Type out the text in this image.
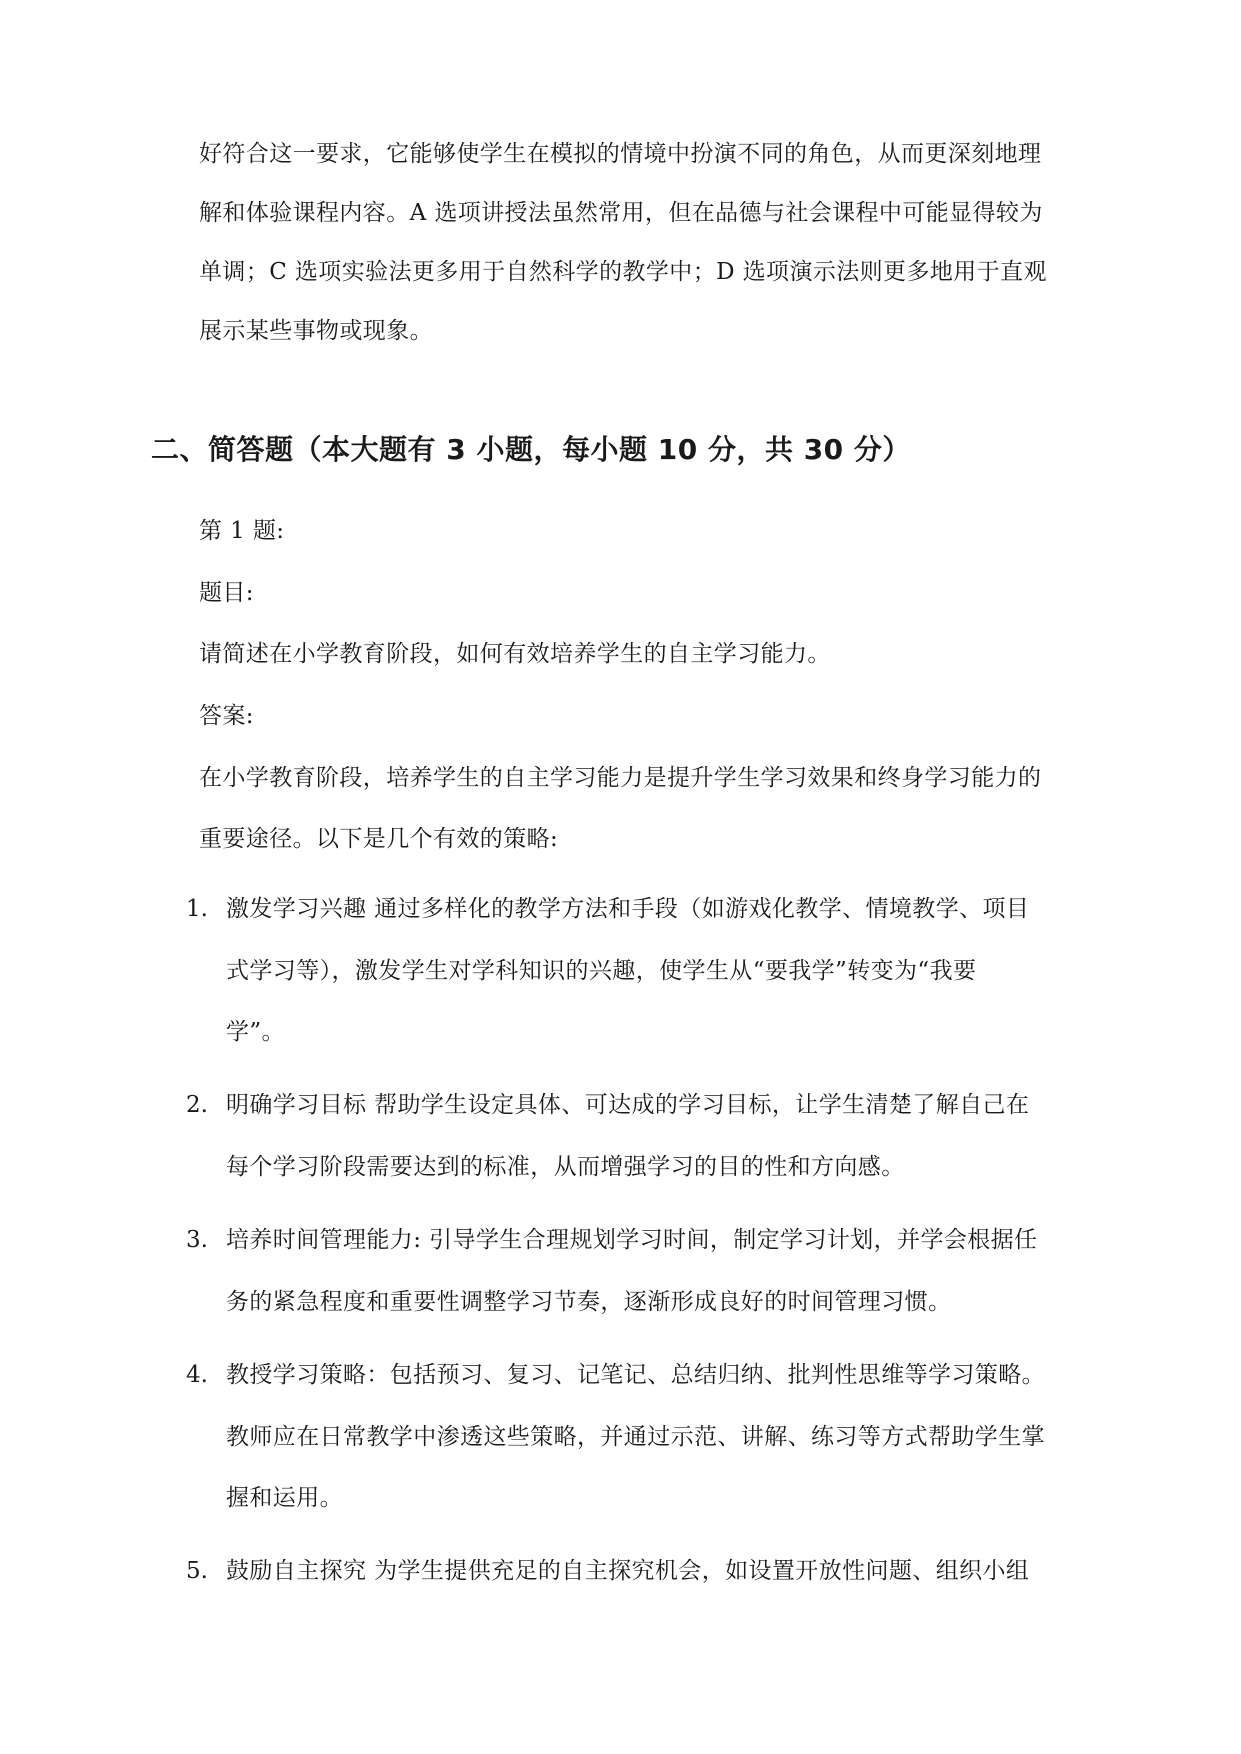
好符合这一要求，它能够使学生在模拟的情境中扮演不同的角色，从而更深刻地理
解和体验课程内容。A 选项讲授法虽然常用，但在品德与社会课程中可能显得较为
单调；C 选项实验法更多用于自然科学的教学中；D 选项演示法则更多地用于直观
展示某些事物或现象。
二、简答题（本大题有 3 小题，每小题 10 分，共 30 分）
第 1 题:
题目:
请简述在小学教育阶段，如何有效培养学生的自主学习能力。
答案:
在小学教育阶段，培养学生的自主学习能力是提升学生学习效果和终身学习能力的
重要途径。以下是几个有效的策略:
1. 激发学习兴趣 通过多样化的教学方法和手段（如游戏化教学、情境教学、项目
式学习等），激发学生对学科知识的兴趣，使学生从“要我学”转变为“我要
学”。
2. 明确学习目标 帮助学生设定具体、可达成的学习目标，让学生清楚了解自己在
每个学习阶段需要达到的标准，从而增强学习的目的性和方向感。
3. 培养时间管理能力: 引导学生合理规划学习时间，制定学习计划，并学会根据任
务的紧急程度和重要性调整学习节奏，逐渐形成良好的时间管理习惯。
4. 教授学习策略：包括预习、复习、记笔记、总结归纳、批判性思维等学习策略。
教师应在日常教学中渗透这些策略，并通过示范、讲解、练习等方式帮助学生掌
握和运用。
5. 鼓励自主探究 为学生提供充足的自主探究机会，如设置开放性问题、组织小组
